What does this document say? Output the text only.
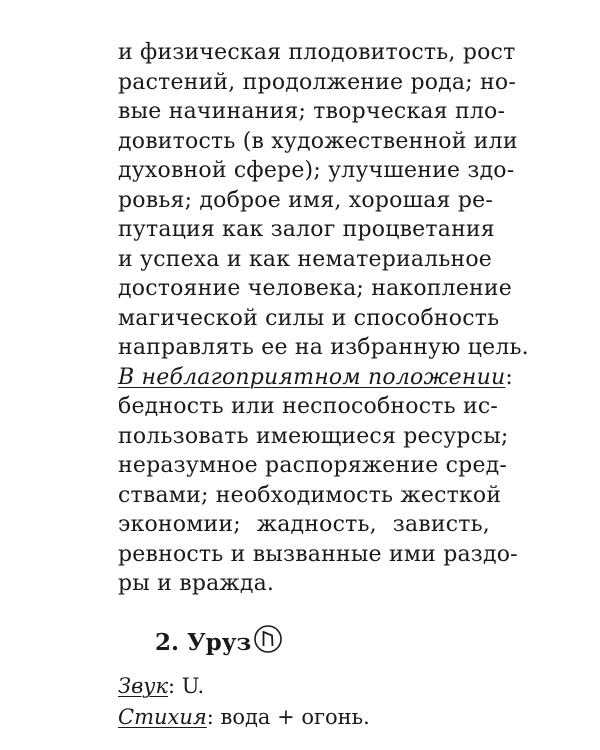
и физическая плодовитость, рост
растений, продолжение рода; но-
вые начинания; творческая пло-
довитость (в художественной или
духовной сфере); улучшение здо-
ровья; доброе имя, хорошая ре-
путация как залог процветания
и успеха и как нематериальное
достояние человека; накопление
магической силы и способность
направлять ее на избранную цель.
В неблагоприятном положении:
бедность или неспособность ис-
пользовать имеющиеся ресурсы;
неразумное распоряжение сред-
ствами; необходимость жесткой
экономии; жадность, зависть,
ревность и вызванные ими раздо-
ры и вражда.
2. Уруз
Звук: U.
Стихия: вода + огонь.
